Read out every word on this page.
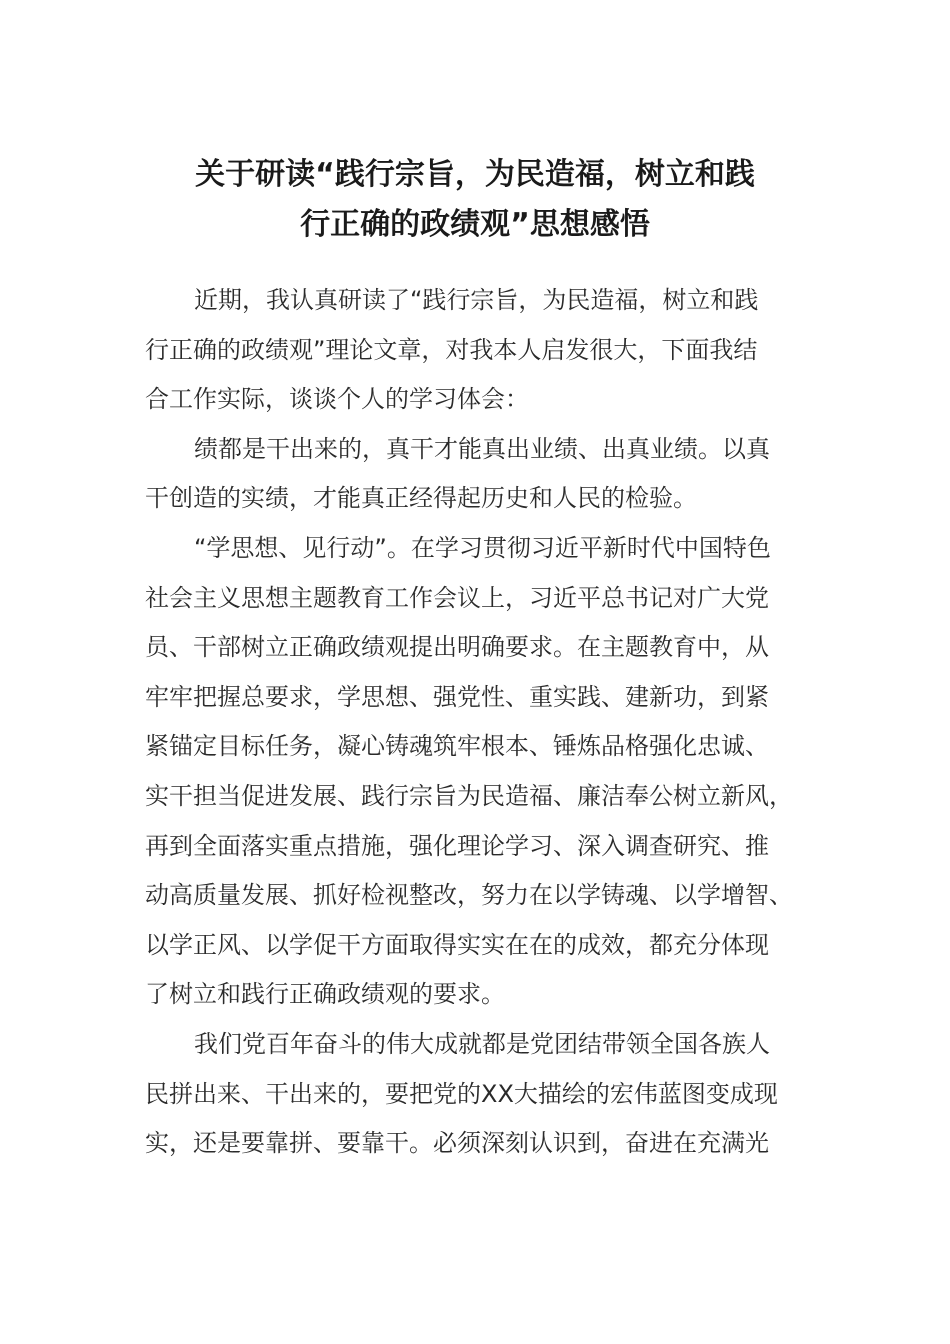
关于研读“践行宗旨，为民造福，树立和践
行正确的政绩观”思想感悟

近期，我认真研读了“践行宗旨，为民造福，树立和践
行正确的政绩观”理论文章，对我本人启发很大，下面我结
合工作实际，谈谈个人的学习体会：

绩都是干出来的，真干才能真出业绩、出真业绩。以真
干创造的实绩，才能真正经得起历史和人民的检验。

“学思想、见行动”。在学习贯彻习近平新时代中国特色
社会主义思想主题教育工作会议上，习近平总书记对广大党
员、干部树立正确政绩观提出明确要求。在主题教育中，从
牢牢把握总要求，学思想、强党性、重实践、建新功，到紧
紧锚定目标任务，凝心铸魂筑牢根本、锤炼品格强化忠诚、
实干担当促进发展、践行宗旨为民造福、廉洁奉公树立新风，
再到全面落实重点措施，强化理论学习、深入调查研究、推
动高质量发展、抓好检视整改，努力在以学铸魂、以学增智、
以学正风、以学促干方面取得实实在在的成效，都充分体现
了树立和践行正确政绩观的要求。

我们党百年奋斗的伟大成就都是党团结带领全国各族人
民拼出来、干出来的，要把党的XX大描绘的宏伟蓝图变成现
实，还是要靠拼、要靠干。必须深刻认识到，奋进在充满光
